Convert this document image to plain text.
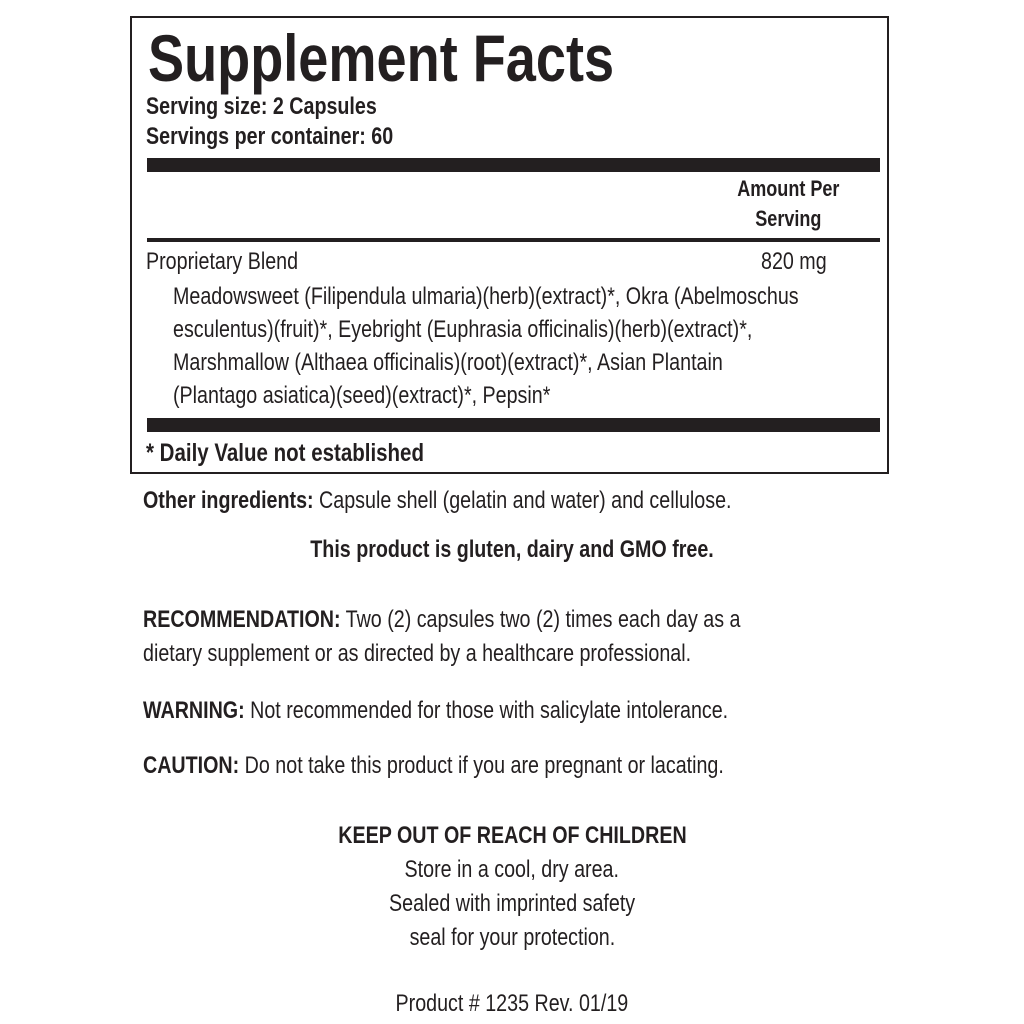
Supplement Facts
Serving size: 2 Capsules
Servings per container: 60
Amount Per
Serving
Proprietary Blend	820 mg
Meadowsweet (Filipendula ulmaria)(herb)(extract)*, Okra (Abelmoschus
esculentus)(fruit)*, Eyebright (Euphrasia officinalis)(herb)(extract)*,
Marshmallow (Althaea officinalis)(root)(extract)*, Asian Plantain
(Plantago asiatica)(seed)(extract)*, Pepsin*
* Daily Value not established
Other ingredients: Capsule shell (gelatin and water) and cellulose.
This product is gluten, dairy and GMO free.
RECOMMENDATION: Two (2) capsules two (2) times each day as a
dietary supplement or as directed by a healthcare professional.
WARNING: Not recommended for those with salicylate intolerance.
CAUTION: Do not take this product if you are pregnant or lacating.
KEEP OUT OF REACH OF CHILDREN
Store in a cool, dry area.
Sealed with imprinted safety
seal for your protection.
Product # 1235 Rev. 01/19
